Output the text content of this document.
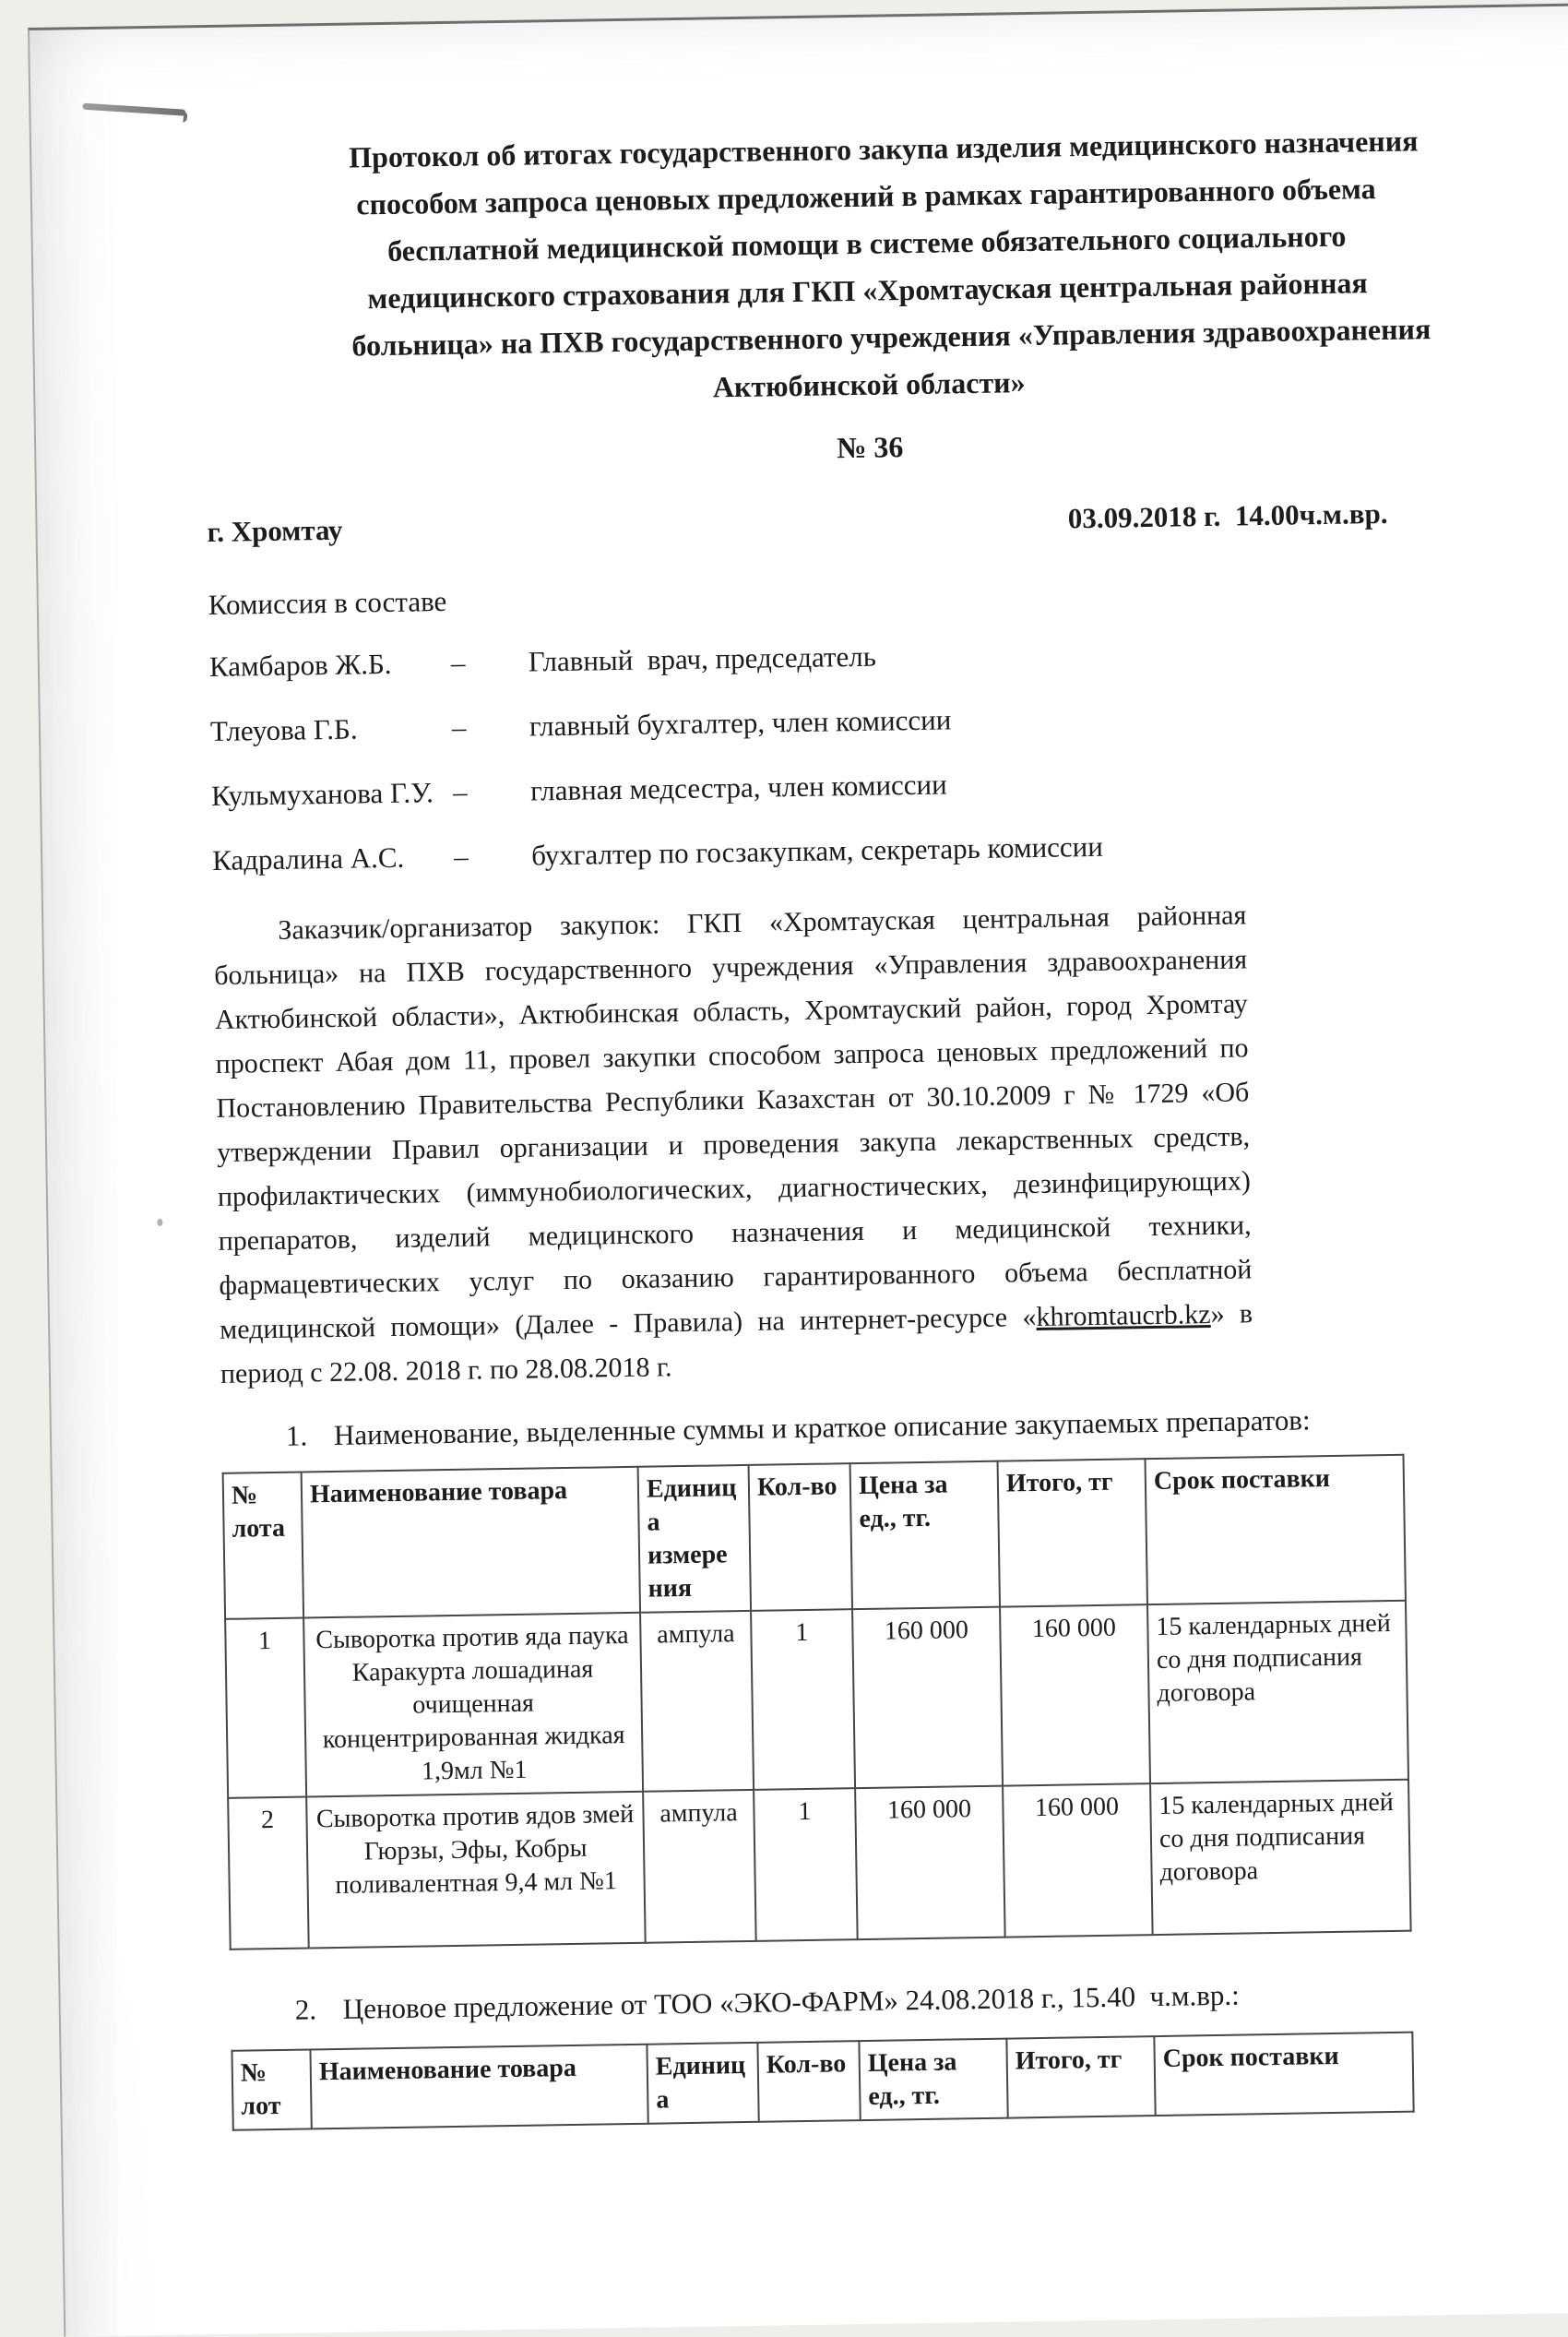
Протокол об итогах государственного закупа изделия медицинского назначения
способом запроса ценовых предложений в рамках гарантированного объема
бесплатной медицинской помощи в системе обязательного социального
медицинского страхования для ГКП «Хромтауская центральная районная
больница» на ПХВ государственного учреждения «Управления здравоохранения
Актюбинской области»
№ 36
г. Хромтау	03.09.2018 г.  14.00ч.м.вр.
Комиссия в составе
Камбаров Ж.Б.	–	Главный  врач, председатель
Тлеуова Г.Б.	–	главный бухгалтер, член комиссии
Кульмуханова Г.У. –	главная медсестра, член комиссии
Кадралина А.С.	–	бухгалтер по госзакупкам, секретарь комиссии
Заказчик/организатор закупок: ГКП «Хромтауская центральная районная больница» на ПХВ государственного учреждения «Управления здравоохранения Актюбинской области», Актюбинская область, Хромтауский район, город Хромтау проспект Абая дом 11, провел закупки способом запроса ценовых предложений по Постановлению Правительства Республики Казахстан от 30.10.2009 г № 1729 «Об утверждении Правил организации и проведения закупа лекарственных средств, профилактических (иммунобиологических, диагностических, дезинфицирующих) препаратов, изделий медицинского назначения и медицинской техники, фармацевтических услуг по оказанию гарантированного объема бесплатной медицинской помощи» (Далее - Правила) на интернет-ресурсе «khromtaucrb.kz» в период с 22.08. 2018 г. по 28.08.2018 г.
1. Наименование, выделенные суммы и краткое описание закупаемых препаратов:
№ лота	Наименование товара	Единица измерения	Кол-во	Цена за ед., тг.	Итого, тг	Срок поставки
1	Сыворотка против яда паука Каракурта лошадиная очищенная концентрированная жидкая 1,9мл №1	ампула	1	160 000	160 000	15 календарных дней со дня подписания договора
2	Сыворотка против ядов змей Гюрзы, Эфы, Кобры поливалентная 9,4 мл №1	ампула	1	160 000	160 000	15 календарных дней со дня подписания договора
2. Ценовое предложение от ТОО «ЭКО-ФАРМ» 24.08.2018 г., 15.40  ч.м.вр.:
№ лот	Наименование товара	Единица	Кол-во	Цена за ед., тг.	Итого, тг	Срок поставки
